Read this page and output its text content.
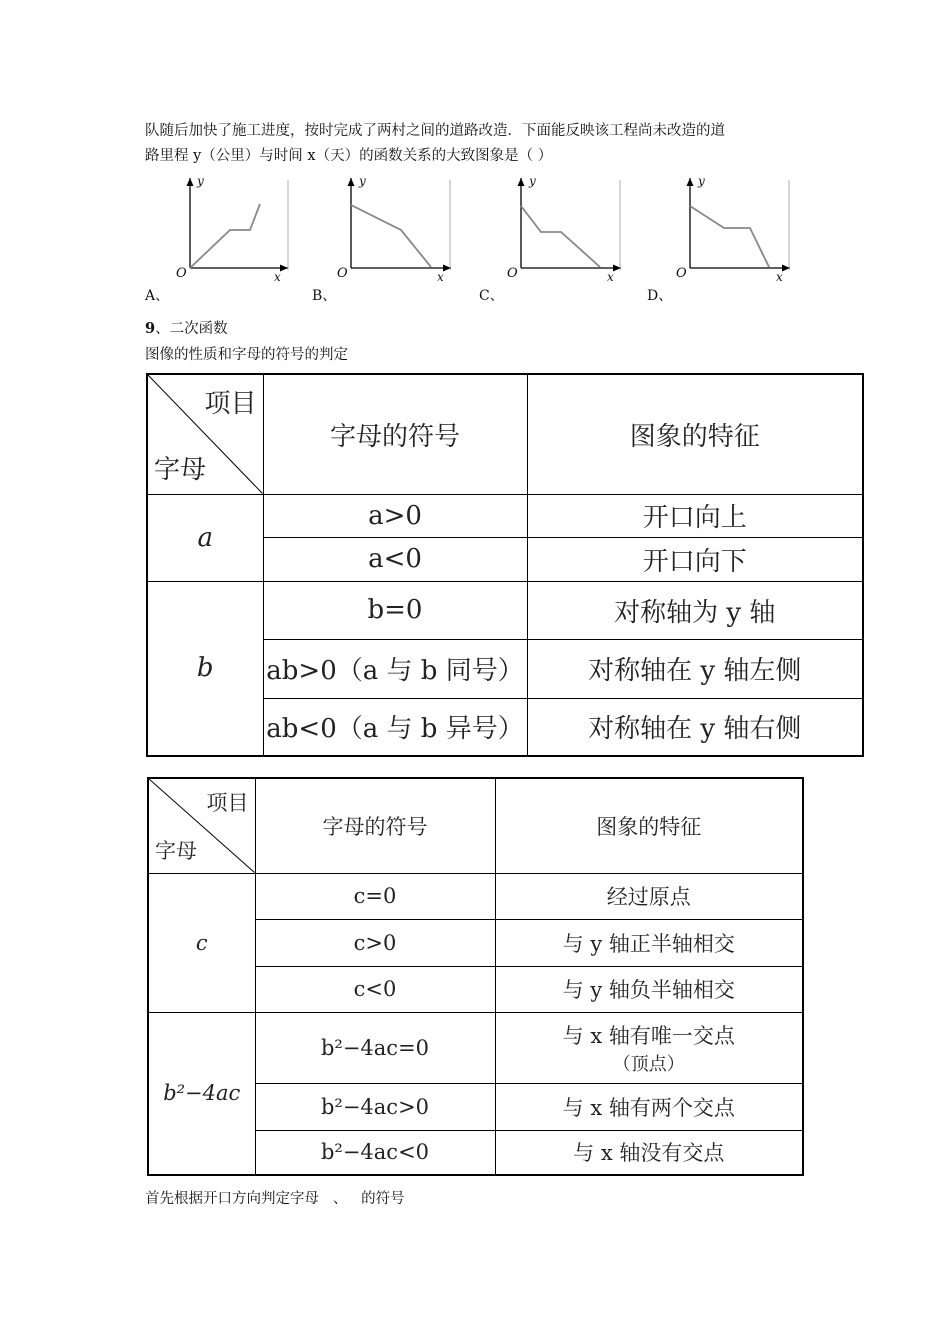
队随后加快了施工进度，按时完成了两村之间的道路改造．下面能反映该工程尚未改造的道
路里程 y（公里）与时间 x（天）的函数关系的大致图象是（ ）
y
x
O
A、
y
x
O
B、
y
x
O
C、
y
x
O
D、
9、二次函数
图像的性质和字母的符号的判定
项目
字母	字母的符号	图象的特征
a	a>0	开口向上
	a<0	开口向下
b	b=0	对称轴为 y 轴
	ab>0（a 与 b 同号）	对称轴在 y 轴左侧
	ab<0（a 与 b 异号）	对称轴在 y 轴右侧
项目
字母	字母的符号	图象的特征
c	c=0	经过原点
	c>0	与 y 轴正半轴相交
	c<0	与 y 轴负半轴相交
b²−4ac	b²−4ac=0	与 x 轴有唯一交点
（顶点）

	b²−4ac>0	与 x 轴有两个交点
	b²−4ac<0	与 x 轴没有交点
首先根据开口方向判定字母   、   的符号
